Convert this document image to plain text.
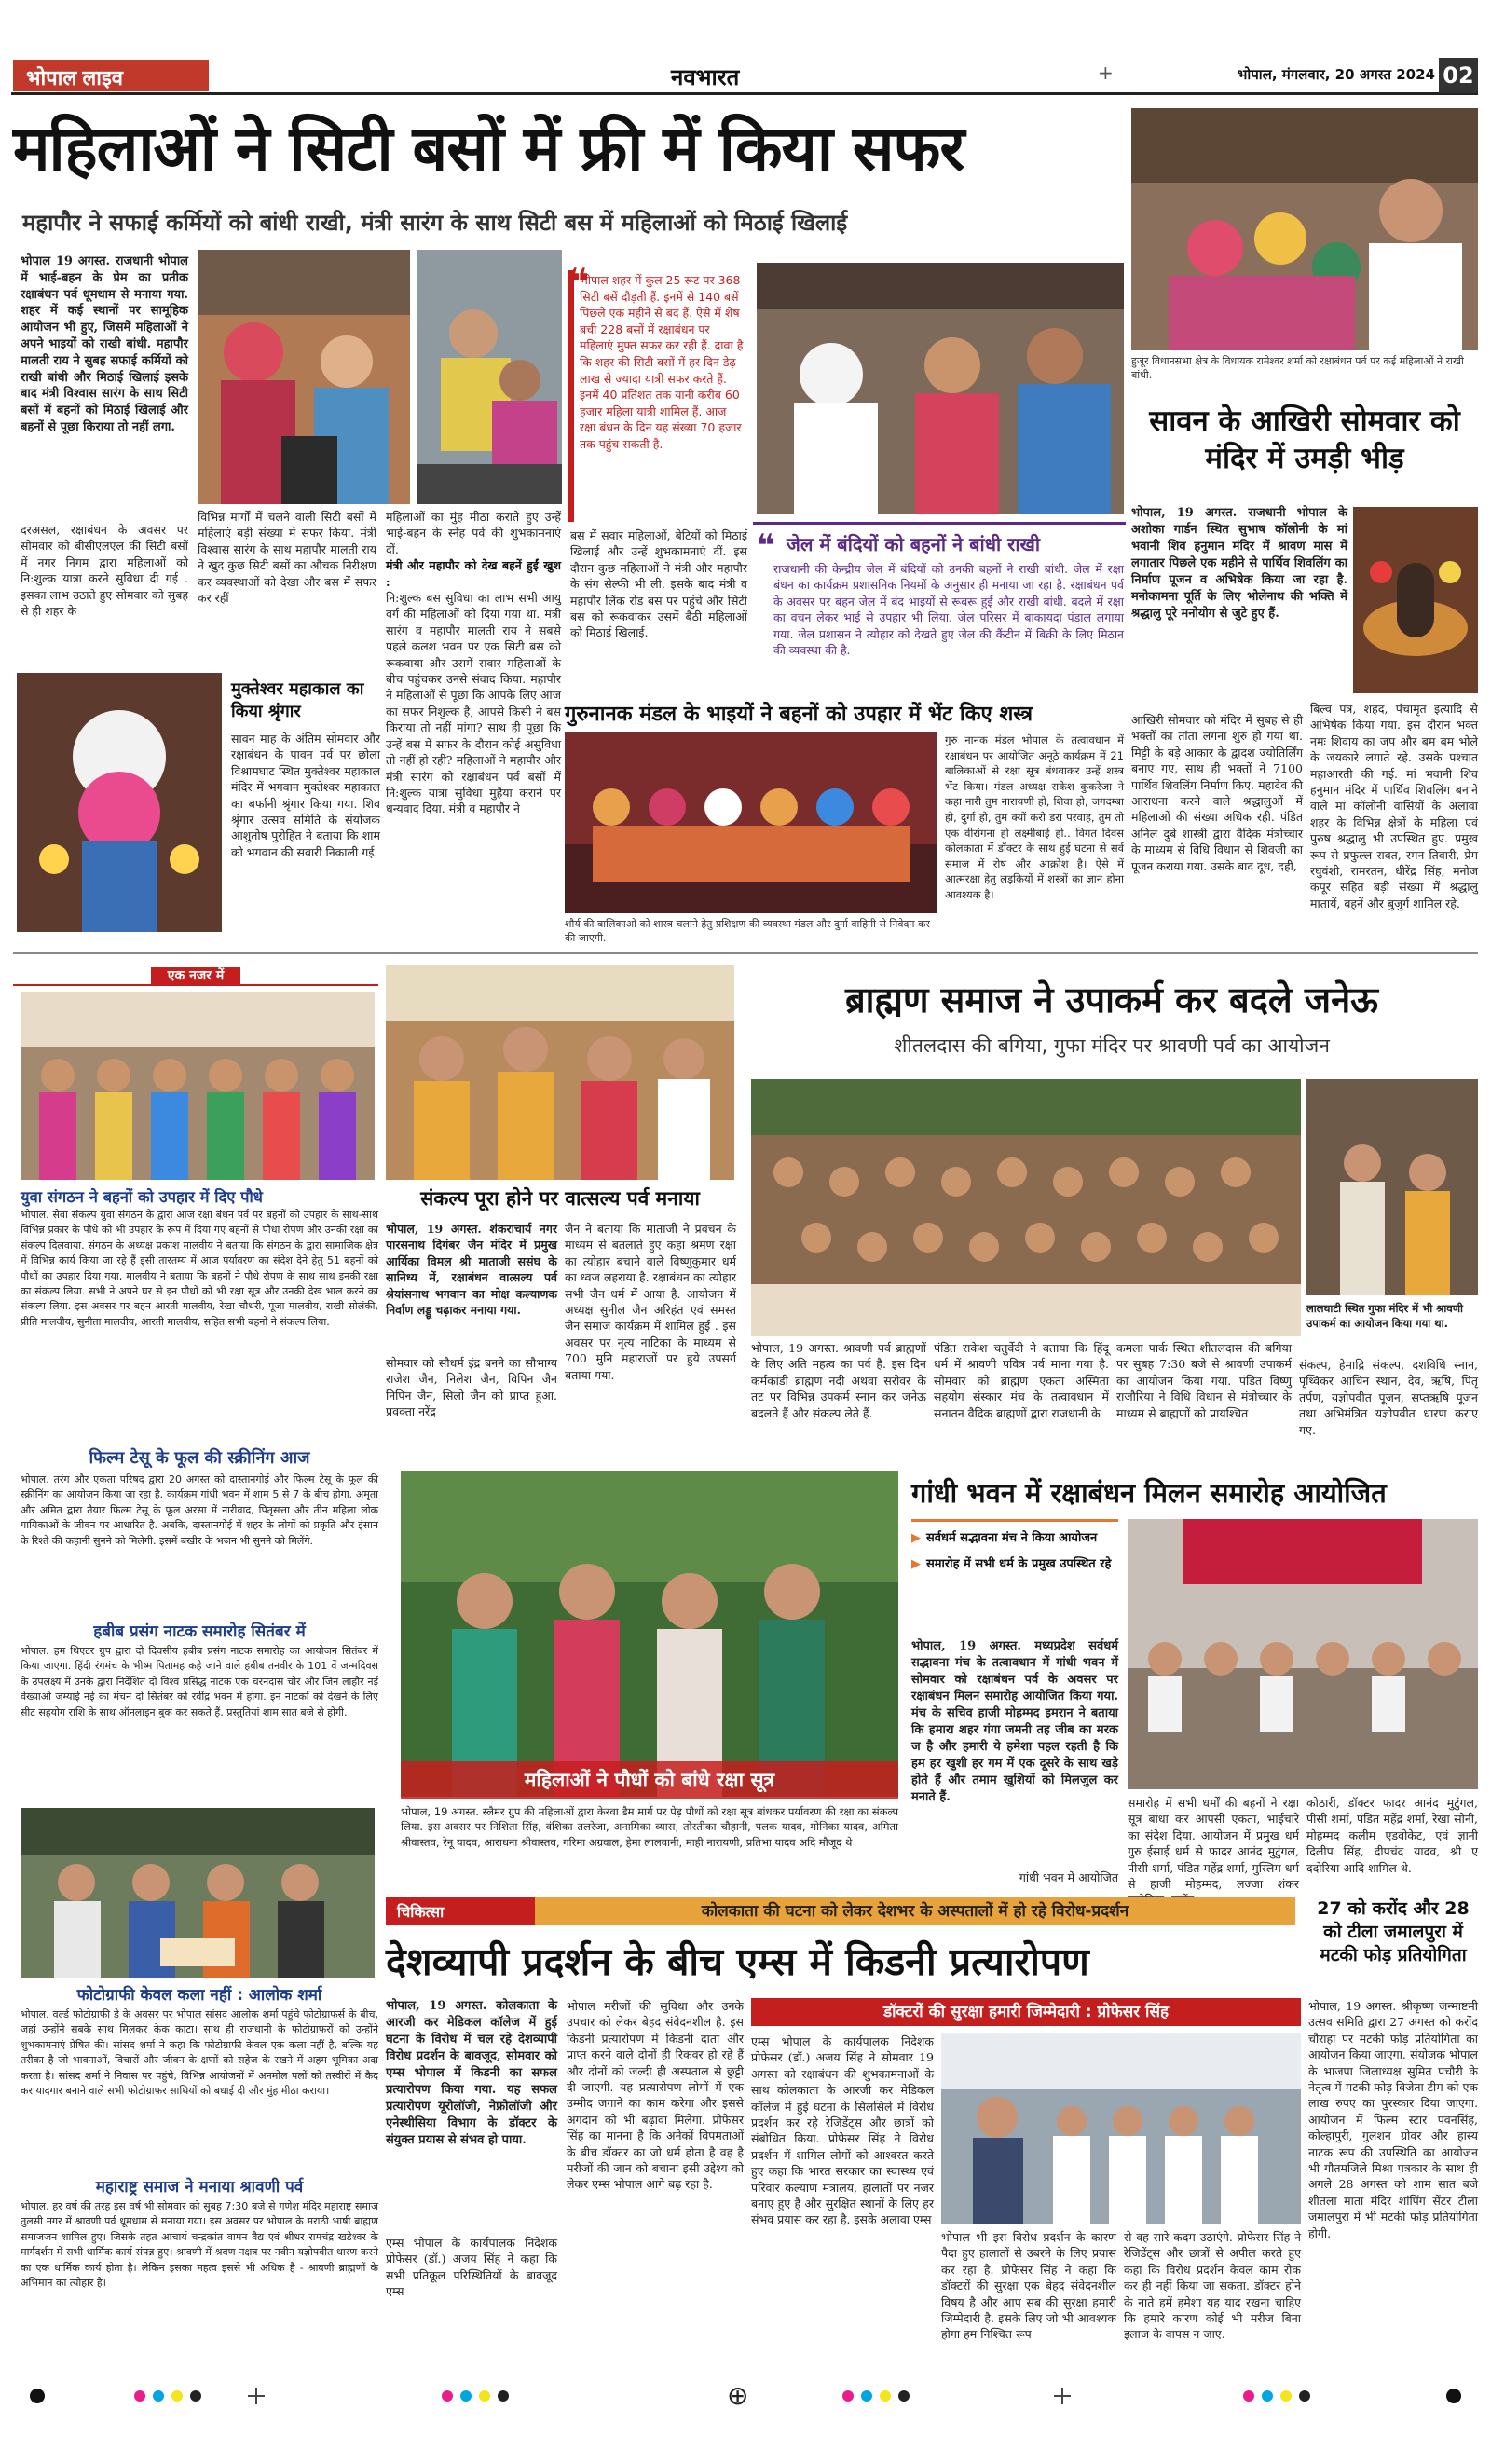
भोपाल लाइव	नवभारत	+	भोपाल, मंगलवार, 20 अगस्त 2024 02
महिलाओं ने सिटी बसों में फ्री में किया सफर
महापौर ने सफाई कर्मियों को बांधी राखी, मंत्री सारंग के साथ सिटी बस में महिलाओं को मिठाई खिलाई
भोपाल 19 अगस्त. राजधानी भोपाल में भाई-बहन के प्रेम का प्रतीक रक्षाबंधन पर्व धूमधाम से मनाया गया. शहर में कई स्थानों पर सामूहिक आयोजन भी हुए, जिसमें महिलाओं ने अपने भाइयों को राखी बांधी. महापौर मालती राय ने सुबह सफाई कर्मियों को राखी बांधी और मिठाई खिलाई इसके बाद मंत्री विश्वास सारंग के साथ सिटी बसों में बहनों को मिठाई खिलाई और बहनों से पूछा किराया तो नहीं लगा.
❝
भोपाल शहर में कुल 25 रूट पर 368 सिटी बसें दौड़ती हैं. इनमें से 140 बसें पिछले एक महीने से बंद हैं. ऐसे में शेष बची 228 बसों में रक्षाबंधन पर महिलाएं मुफ्त सफर कर रही हैं. दावा है कि शहर की सिटी बसों में हर दिन डेढ़ लाख से ज्यादा यात्री सफर करते हैं. इनमें 40 प्रतिशत तक यानी करीब 60 हजार महिला यात्री शामिल हैं. आज रक्षा बंधन के दिन यह संख्या 70 हजार तक पहुंच सकती है.
दरअसल, रक्षाबंधन के अवसर पर सोमवार को बीसीएलएल की सिटी बसों में नगर निगम द्वारा महिलाओं को नि:शुल्क यात्रा करने सुविधा दी गई . इसका लाभ उठाते हुए सोमवार को सुबह से ही शहर के
विभिन्न मार्गों में चलने वाली सिटी बसों में महिलाएं बड़ी संख्या में सफर किया. मंत्री विश्वास सारंग के साथ महापौर मालती राय ने खुद कुछ सिटी बसों का औचक निरीक्षण कर व्यवस्थाओं को देखा और बस में सफर कर रहीं
महिलाओं का मुंह मीठा कराते हुए उन्हें भाई-बहन के स्नेह पर्व की शुभकामनाएं दीं.
मंत्री और महापौर को देख बहनें हुईं खुश :
नि:शुल्क बस सुविधा का लाभ सभी आयु वर्ग की महिलाओं को दिया गया था. मंत्री सारंग व महापौर मालती राय ने सबसे पहले कलश भवन पर एक सिटी बस को रूकवाया और उसमें सवार महिलाओं के बीच पहुंचकर उनसे संवाद किया. महापौर ने महिलाओं से पूछा कि आपके लिए आज का सफर निशुल्क है, आपसे किसी ने बस किराया तो नहीं मांगा? साथ ही पूछा कि उन्हें बस में सफर के दौरान कोई असुविधा तो नहीं हो रही? महिलाओं ने महापौर और मंत्री सारंग को रक्षाबंधन पर्व बसों में नि:शुल्क यात्रा सुविधा मुहैया कराने पर धन्यवाद दिया. मंत्री व महापौर ने
बस में सवार महिलाओं, बेटियों को मिठाई खिलाई और उन्हें शुभकामनाएं दीं. इस दौरान कुछ महिलाओं ने मंत्री और महापौर के संग सेल्फी भी ली. इसके बाद मंत्री व महापौर लिंक रोड बस पर पहुंचे और सिटी बस को रूकवाकर उसमें बैठी महिलाओं को मिठाई खिलाई.
मुक्तेश्वर महाकाल का किया श्रृंगार
सावन माह के अंतिम सोमवार और रक्षाबंधन के पावन पर्व पर छोला विश्रामघाट स्थित मुक्तेश्वर महाकाल मंदिर में भगवान मुक्तेश्वर महाकाल का बर्फानी श्रृंगार किया गया. शिव श्रृंगार उत्सव समिति के संयोजक आशुतोष पुरोहित ने बताया कि शाम को भगवान की सवारी निकाली गई.
❝ जेल में बंदियों को बहनों ने बांधी राखी
राजधानी की केन्द्रीय जेल में बंदियों को उनकी बहनों ने राखी बांधी. जेल में रक्षा बंधन का कार्यक्रम प्रशासनिक नियमों के अनुसार ही मनाया जा रहा है. रक्षाबंधन पर्व के अवसर पर बहन जेल में बंद भाइयों से रूबरू हुई और राखी बांधी. बदले में रक्षा का वचन लेकर भाई से उपहार भी लिया. जेल परिसर में बाकायदा पंडाल लगाया गया. जेल प्रशासन ने त्योहार को देखते हुए जेल की कैंटीन में बिक्री के लिए मिठान की व्यवस्था की है.
हुजूर विधानसभा क्षेत्र के विधायक रामेश्वर शर्मा को रक्षाबंधन पर्व पर कई महिलाओं ने राखी बांधी.
सावन के आखिरी सोमवार को मंदिर में उमड़ी भीड़
भोपाल, 19 अगस्त. राजधानी भोपाल के अशोका गार्डन स्थित सुभाष कॉलोनी के मां भवानी शिव हनुमान मंदिर में श्रावण मास में लगातार पिछले एक महीने से पार्थिव शिवलिंग का निर्माण पूजन व अभिषेक किया जा रहा है. मनोकामना पूर्ति के लिए भोलेनाथ की भक्ति में श्रद्धालु पूरे मनोयोग से जुटे हुए हैं.
आखिरी सोमवार को मंदिर में सुबह से ही भक्तों का तांता लगना शुरु हो गया था. मिट्टी के बड़े आकार के द्वादश ज्योतिर्लिंग बनाए गए, साथ ही भक्तों ने 7100 पार्थिव शिवलिंग निर्माण किए. महादेव की आराधना करने वाले श्रद्धालुओं में महिलाओं की संख्या अधिक रही. पंडित अनिल दुबे शास्त्री द्वारा वैदिक मंत्रोच्चार के माध्यम से विधि विधान से शिवजी का पूजन कराया गया. उसके बाद दूध, दही,
बिल्व पत्र, शहद, पंचामृत इत्यादि से अभिषेक किया गया. इस दौरान भक्त नमः शिवाय का जप और बम बम भोले के जयकारे लगाते रहे. उसके पश्चात महाआरती की गई. मां भवानी शिव हनुमान मंदिर में पार्थिव शिवलिंग बनाने वाले मां कॉलोनी वासियों के अलावा शहर के विभिन्न क्षेत्रों के महिला एवं पुरुष श्रद्धालु भी उपस्थित हुए. प्रमुख रूप से प्रफुल्ल रावत, रमन तिवारी, प्रेम रघुवंशी, रामरतन, धीरेंद्र सिंह, मनोज कपूर सहित बड़ी संख्या में श्रद्धालु मातायें, बहनें और बुजुर्ग शामिल रहे.
गुरुनानक मंडल के भाइयों ने बहनों को उपहार में भेंट किए शस्त्र
गुरु नानक मंडल भोपाल के तत्वावधान में रक्षाबंधन पर आयोजित अनूठे कार्यक्रम में 21 बालिकाओं से रक्षा सूत्र बंधवाकर उन्हें शस्त्र भेंट किया। मंडल अध्यक्ष राकेश कुकरेजा ने कहा नारी तुम नारायणी हो, शिवा हो, जगदम्बा हो, दुर्गा हो, तुम क्यों करो डरा परवाह, तुम तो एक वीरांगना हो लक्ष्मीबाई हो.. विगत दिवस कोलकाता में डॉक्टर के साथ हुई घटना से सर्व समाज में रोष और आक्रोश है। ऐसे में आत्मरक्षा हेतु लड़कियों में शस्त्रों का ज्ञान होना आवश्यक है।
शौर्य की बालिकाओं को शास्त्र चलाने हेतु प्रशिक्षण की व्यवस्था मंडल और दुर्गा वाहिनी से निवेदन कर की जाएगी.
एक नजर में
युवा संगठन ने बहनों को उपहार में दिए पौधे
भोपाल. सेवा संकल्प युवा संगठन के द्वारा आज रक्षा बंधन पर्व पर बहनों को उपहार के साथ-साथ विभिन्न प्रकार के पौधे को भी उपहार के रूप में दिया गए बहनों से पौधा रोपण और उनकी रक्षा का संकल्प दिलवाया. संगठन के अध्यक्ष प्रकाश मालवीय ने बताया कि संगठन के द्वारा सामाजिक क्षेत्र में विभिन्न कार्य किया जा रहे हैं इसी तारतम्य में आज पर्यावरण का संदेश देने हेतु 51 बहनों को पौधों का उपहार दिया गया, मालवीय ने बताया कि बहनों ने पौधे रोपण के साथ साथ इनकी रक्षा का संकल्प लिया. सभी ने अपने घर से इन पौधों को भी रक्षा सूत्र और उनकी देख भाल करने का संकल्प लिया. इस अवसर पर बहन आरती मालवीय, रेखा चौधरी, पूजा मालवीय, राखी सोलंकी, प्रीति मालवीय, सुनीता मालवीय, आरती मालवीय, सहित सभी बहनों ने संकल्प लिया.
फिल्म टेसू के फूल की स्क्रीनिंग आज
भोपाल. तरंग और एकता परिषद द्वारा 20 अगस्त को दास्तानगोई और फिल्म टेसू के फूल की स्क्रीनिंग का आयोजन किया जा रहा है. कार्यक्रम गांधी भवन में शाम 5 से 7 के बीच होगा. अमृता और अमित द्वारा तैयार फिल्म टेसू के फूल अरसा में नारीवाद, पितृसत्ता और तीन महिला लोक गायिकाओं के जीवन पर आधारित है. अबकि, दास्तानगोई में शहर के लोगों को प्रकृति और इंसान के रिश्ते की कहानी सुनने को मिलेगी. इसमें बखीर के भजन भी सुनने को मिलेंगे.
हबीब प्रसंग नाटक समारोह सितंबर में
भोपाल. हम थिएटर ग्रुप द्वारा दो दिवसीय हबीब प्रसंग नाटक समारोह का आयोजन सितंबर में किया जाएगा. हिंदी रंगमंच के भीष्म पितामह कहे जाने वाले हबीब तनवीर के 101 वें जन्मदिवस के उपलक्ष्य में उनके द्वारा निर्देशित दो विश्व प्रसिद्ध नाटक एक चरनदास चोर और जिन लाहौर नई वेख्याओ जम्याई नई का मंचन दो सितंबर को रवींद्र भवन में होगा. इन नाटकों को देखने के लिए सीट सहयोग राशि के साथ ऑनलाइन बुक कर सकते हैं. प्रस्तुतियां शाम सात बजे से होंगी.
फोटोग्राफी केवल कला नहीं : आलोक शर्मा
भोपाल. वर्ल्ड फोटोग्राफी डे के अवसर पर भोपाल सांसद आलोक शर्मा पहुंचे फोटोग्राफर्स के बीच, जहां उन्होंने सबके साथ मिलकर केक काटा। साथ ही राजधानी के फोटोग्राफरों को उन्होंने शुभकामनाएं प्रेषित की। सांसद शर्मा ने कहा कि फोटोग्राफी केवल एक कला नहीं है, बल्कि यह तरीका है जो भावनाओं, विचारों और जीवन के क्षणों को सहेज के रखने में अहम भूमिका अदा करता है। सांसद शर्मा ने निवास पर पहुंचे, विभिन्न आयोजनों में अनमोल पलों को तस्वीरों में कैद कर यादगार बनाने वाले सभी फोटोग्राफर साथियों को बधाई दी और मुंह मीठा कराया।
महाराष्ट्र समाज ने मनाया श्रावणी पर्व
भोपाल. हर वर्ष की तरह इस वर्ष भी सोमवार को सुबह 7:30 बजे से गणेश मंदिर महाराष्ट्र समाज तुलसी नगर में श्रावणी पर्व धूमधाम से मनाया गया। इस अवसर पर भोपाल के मराठी भाषी ब्राह्मण समाजजन शामिल हुए। जिसके तहत आचार्य चन्द्रकांत वामन वैद्य एवं श्रीधर रामचंद्र खडेश्वर के मार्गदर्शन में सभी धार्मिक कार्य संपन्न हुए। श्रावणी में श्रवण नक्षत्र पर नवीन यज्ञोपवीत धारण करने का एक धार्मिक कार्य होता है। लेकिन इसका महत्व इससे भी अधिक है - श्रावणी ब्राह्मणों के अभिमान का त्योहार है।
संकल्प पूरा होने पर वात्सल्य पर्व मनाया
भोपाल, 19 अगस्त. शंकराचार्य नगर पारसनाथ दिगंबर जैन मंदिर में प्रमुख आर्यिका विमल श्री माताजी ससंघ के सानिध्य में, रक्षाबंधन वात्सल्य पर्व श्रेयांसनाथ भगवान का मोक्ष कल्याणक निर्वाण लड्डू चढ़ाकर मनाया गया.
सोमवार को सौधर्म इंद्र बनने का सौभाग्य राजेश जैन, निलेश जैन, विपिन जैन निपिन जैन, सिलो जैन को प्राप्त हुआ. प्रवक्ता नरेंद्र
जैन ने बताया कि माताजी ने प्रवचन के माध्यम से बतलाते हुए कहा श्रमण रक्षा का त्योहार बचाने वाले विष्णुकुमार धर्म का ध्वज लहराया है. रक्षाबंधन का त्योहार सभी जैन धर्म में आया है. आयोजन में अध्यक्ष सुनील जैन अरिहंत एवं समस्त जैन समाज कार्यक्रम में शामिल हुई . इस अवसर पर नृत्य नाटिका के माध्यम से 700 मुनि महाराजों पर हुये उपसर्ग बताया गया.
ब्राह्मण समाज ने उपाकर्म कर बदले जनेऊ
शीतलदास की बगिया, गुफा मंदिर पर श्रावणी पर्व का आयोजन
लालघाटी स्थित गुफा मंदिर में भी श्रावणी उपाकर्म का आयोजन किया गया था.
भोपाल, 19 अगस्त. श्रावणी पर्व ब्राह्मणों के लिए अति महत्व का पर्व है. इस दिन कर्मकांडी ब्राह्मण नदी अथवा सरोवर के तट पर विभिन्न उपकर्म स्नान कर जनेऊ बदलते हैं और संकल्प लेते हैं.
पंडित राकेश चतुर्वेदी ने बताया कि हिंदू धर्म में श्रावणी पवित्र पर्व माना गया है. सोमवार को ब्राह्मण एकता अस्मिता सहयोग संस्कार मंच के तत्वावधान में सनातन वैदिक ब्राह्मणों द्वारा राजधानी के
कमला पार्क स्थित शीतलदास की बगिया पर सुबह 7:30 बजे से श्रावणी उपाकर्म का आयोजन किया गया. पंडित विष्णु राजौरिया ने विधि विधान से मंत्रोच्चार के माध्यम से ब्राह्मणों को प्रायश्चित
संकल्प, हेमाद्रि संकल्प, दशविधि स्नान, पृथ्विकर आंचिन स्थान, देव, ऋषि, पितृ तर्पण, यज्ञोपवीत पूजन, सप्तऋषि पूजन तथा अभिमंत्रित यज्ञोपवीत धारण कराए गए.
महिलाओं ने पौधों को बांधे रक्षा सूत्र
भोपाल, 19 अगस्त. स्लैमर ग्रुप की महिलाओं द्वारा केरवा डैम मार्ग पर पेड़ पौधों को रक्षा सूत्र बांधकर पर्यावरण की रक्षा का संकल्प लिया. इस अवसर पर निशिता सिंह, वंशिका तलरेजा, अनामिका व्यास, तोरतीका चौहानी, पलक यादव, मोनिका यादव, अमिता श्रीवास्तव, रेनू यादव, आराधना श्रीवास्तव, गरिमा अग्रवाल, हेमा लालवानी, माही नारायणी, प्रतिभा यादव अदि मौजूद थे
गांधी भवन में रक्षाबंधन मिलन समारोह आयोजित
▶ सर्वधर्म सद्भावना मंच ने किया आयोजन
▶ समारोह में सभी धर्म के प्रमुख उपस्थित रहे
भोपाल, 19 अगस्त. मध्यप्रदेश सर्वधर्म सद्भावना मंच के तत्वावधान में गांधी भवन में सोमवार को रक्षाबंधन पर्व के अवसर पर रक्षाबंधन मिलन समारोह आयोजित किया गया. मंच के सचिव हाजी मोहम्मद इमरान ने बताया कि हमारा शहर गंगा जमनी तह जीब का मरक ज है और हमारी ये हमेशा पहल रहती है कि हम हर खुशी हर गम में एक दूसरे के साथ खड़े होते हैं और तमाम खुशियों को मिलजुल कर मनाते हैं.
गांधी भवन में आयोजित
समारोह में सभी धर्मों की बहनों ने रक्षा सूत्र बांधा कर आपसी एकता, भाईचारे का संदेश दिया. आयोजन में प्रमुख धर्म गुरु ईसाई धर्म से फादर आनंद मुटुंगल, पीसी शर्मा, पंडित महेंद्र शर्मा, मुस्लिम धर्म से हाजी मोहम्मद, लज्जा शंकर
कोठारी, डॉक्टर फादर आनंद मुटुंगल, पीसी शर्मा, पंडित महेंद्र शर्मा, रेखा सोनी, मोहम्मद कलीम एडवोकेट, एवं ज्ञानी दिलीप सिंह, दीपचंद यादव, श्री ए ददोरिया आदि शामिल थे.
चिकित्सा	कोलकाता की घटना को लेकर देशभर के अस्पतालों में हो रहे विरोध-प्रदर्शन
देशव्यापी प्रदर्शन के बीच एम्स में किडनी प्रत्यारोपण
भोपाल, 19 अगस्त. कोलकाता के आरजी कर मेडिकल कॉलेज में हुई घटना के विरोध में चल रहे देशव्यापी विरोध प्रदर्शन के बावजूद, सोमवार को एम्स भोपाल में किडनी का सफल प्रत्यारोपण किया गया. यह सफल प्रत्यारोपण यूरोलॉजी, नेफ्रोलॉजी और एनेस्थीसिया विभाग के डॉक्टर के संयुक्त प्रयास से संभव हो पाया.
एम्स भोपाल के कार्यपालक निदेशक प्रोफेसर (डॉ.) अजय सिंह ने कहा कि सभी प्रतिकूल परिस्थितियों के बावजूद एम्स
भोपाल मरीजों की सुविधा और उनके उपचार को लेकर बेहद संवेदनशील है. इस किडनी प्रत्यारोपण में किडनी दाता और प्राप्त करने वाले दोनों ही रिकवर हो रहे हैं और दोनों को जल्दी ही अस्पताल से छुट्टी दी जाएगी. यह प्रत्यारोपण लोगों में एक उम्मीद जगाने का काम करेगा और इससे अंगदान को भी बढ़ावा मिलेगा. प्रोफेसर सिंह का मानना है कि अनेकों विपमताओं के बीच डॉक्टर का जो धर्म होता है वह है मरीजों की जान को बचाना इसी उद्देश्य को लेकर एम्स भोपाल आगे बढ़ रहा है.
डॉक्टरों की सुरक्षा हमारी जिम्मेदारी : प्रोफेसर सिंह
एम्स भोपाल के कार्यपालक निदेशक प्रोफेसर (डॉ.) अजय सिंह ने सोमवार 19 अगस्त को रक्षाबंधन की शुभकामनाओं के साथ कोलकाता के आरजी कर मेडिकल कॉलेज में हुई घटना के सिलसिले में विरोध प्रदर्शन कर रहे रेजिडेंट्स और छात्रों को संबोधित किया. प्रोफेसर सिंह ने विरोध प्रदर्शन में शामिल लोगों को आश्वस्त करते हुए कहा कि भारत सरकार का स्वास्थ्य एवं परिवार कल्याण मंत्रालय, हालातों पर नजर बनाए हुए है और सुरक्षित स्थानों के लिए हर संभव प्रयास कर रहा है. इसके अलावा एम्स
भोपाल भी इस विरोध प्रदर्शन के कारण पैदा हुए हालातों से उबरने के लिए प्रयास कर रहा है. प्रोफेसर सिंह ने कहा कि डॉक्टरों की सुरक्षा एक बेहद संवेदनशील विषय है और आप सब की सुरक्षा हमारी जिम्मेदारी है. इसके लिए जो भी आवश्यक होगा हम निश्चित रूप
से वह सारे कदम उठाएंगे. प्रोफेसर सिंह ने रेजिडेंट्स और छात्रों से अपील करते हुए कहा कि विरोध प्रदर्शन केवल काम रोक कर ही नहीं किया जा सकता. डॉक्टर होने के नाते हमें हमेशा यह याद रखना चाहिए कि हमारे कारण कोई भी मरीज बिना इलाज के वापस न जाए.
27 को करोंद और 28 को टीला जमालपुरा में मटकी फोड़ प्रतियोगिता
भोपाल, 19 अगस्त. श्रीकृष्ण जन्माष्टमी उत्सव समिति द्वारा 27 अगस्त को करोंद चौराहा पर मटकी फोड़ प्रतियोगिता का आयोजन किया जाएगा. संयोजक भोपाल के भाजपा जिलाध्यक्ष सुमित पचौरी के नेतृत्व में मटकी फोड़ विजेता टीम को एक लाख रुपए का पुरस्कार दिया जाएगा. आयोजन में फिल्म स्टार पवनसिंह, कोल्हापुरी, गुलशन ग्रोवर और हास्य नाटक रूप की उपस्थिति का आयोजन भी गौतमजिले मिश्रा पत्रकार के साथ ही अगले 28 अगस्त को शाम सात बजे शीतला माता मंदिर शांपिंग सेंटर टीला जमालपुरा में भी मटकी फोड़ प्रतियोगिता होगी.
⊕
